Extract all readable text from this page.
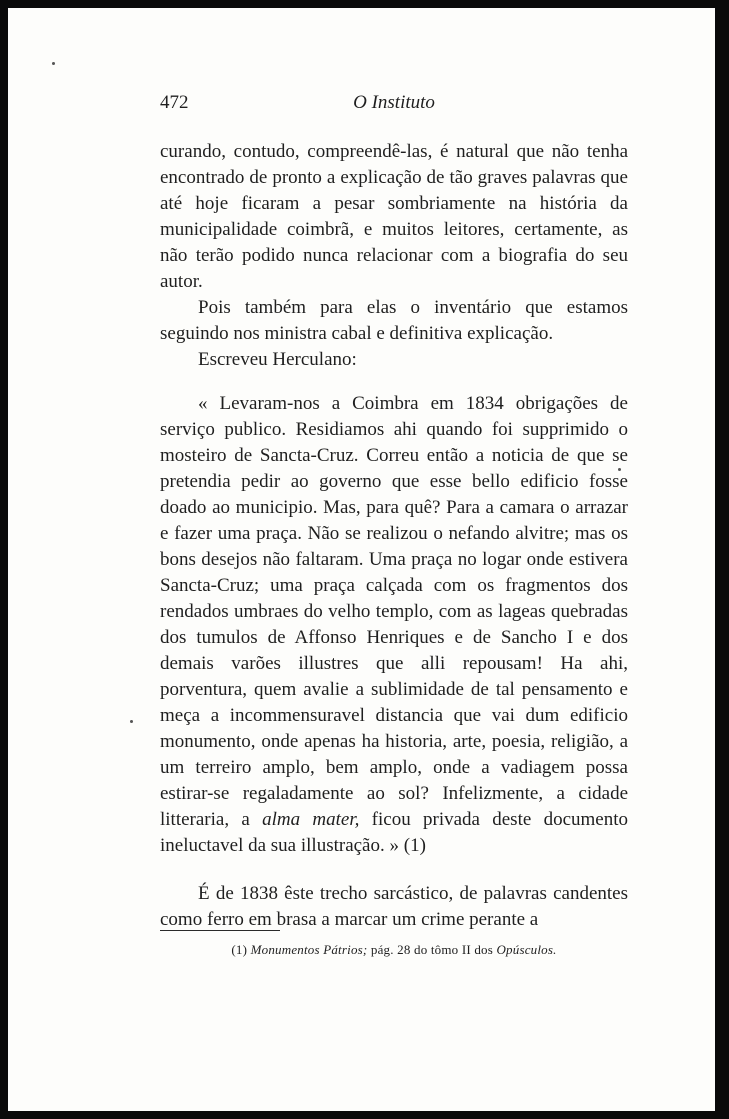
O Instituto
472

curando, contudo, compreendê-las, é natural que não tenha encontrado de pronto a explicação de tão graves palavras que até hoje ficaram a pesar sombriamente na história da municipalidade coimbrã, e muitos leitores, certamente, as não terão podido nunca relacionar com a biografia do seu autor.

Pois também para elas o inventário que estamos seguindo nos ministra cabal e definitiva explicação.

Escreveu Herculano:

« Levaram-nos a Coimbra em 1834 obrigações de serviço publico. Residiamos ahi quando foi supprimido o mosteiro de Sancta-Cruz. Correu então a noticia de que se pretendia pedir ao governo que esse bello edificio fosse doado ao municipio. Mas, para quê? Para a camara o arrazar e fazer uma praça. Não se realizou o nefando alvitre; mas os bons desejos não faltaram. Uma praça no logar onde estivera Sancta-Cruz; uma praça calçada com os fragmentos dos rendados umbraes do velho templo, com as lageas quebradas dos tumulos de Affonso Henriques e de Sancho I e dos demais varões illustres que alli repousam! Ha ahi, porventura, quem avalie a sublimidade de tal pensamento e meça a incommensuravel distancia que vai dum edificio monumento, onde apenas ha historia, arte, poesia, religião, a um terreiro amplo, bem amplo, onde a vadiagem possa estirar-se regaladamente ao sol? Infelizmente, a cidade litteraria, a alma mater, ficou privada deste documento ineluctavel da sua illustração. » (1)

É de 1838 êste trecho sarcástico, de palavras candentes como ferro em brasa a marcar um crime perante a

(1) Monumentos Pátrios; pág. 28 do tômo II dos Opúsculos.
